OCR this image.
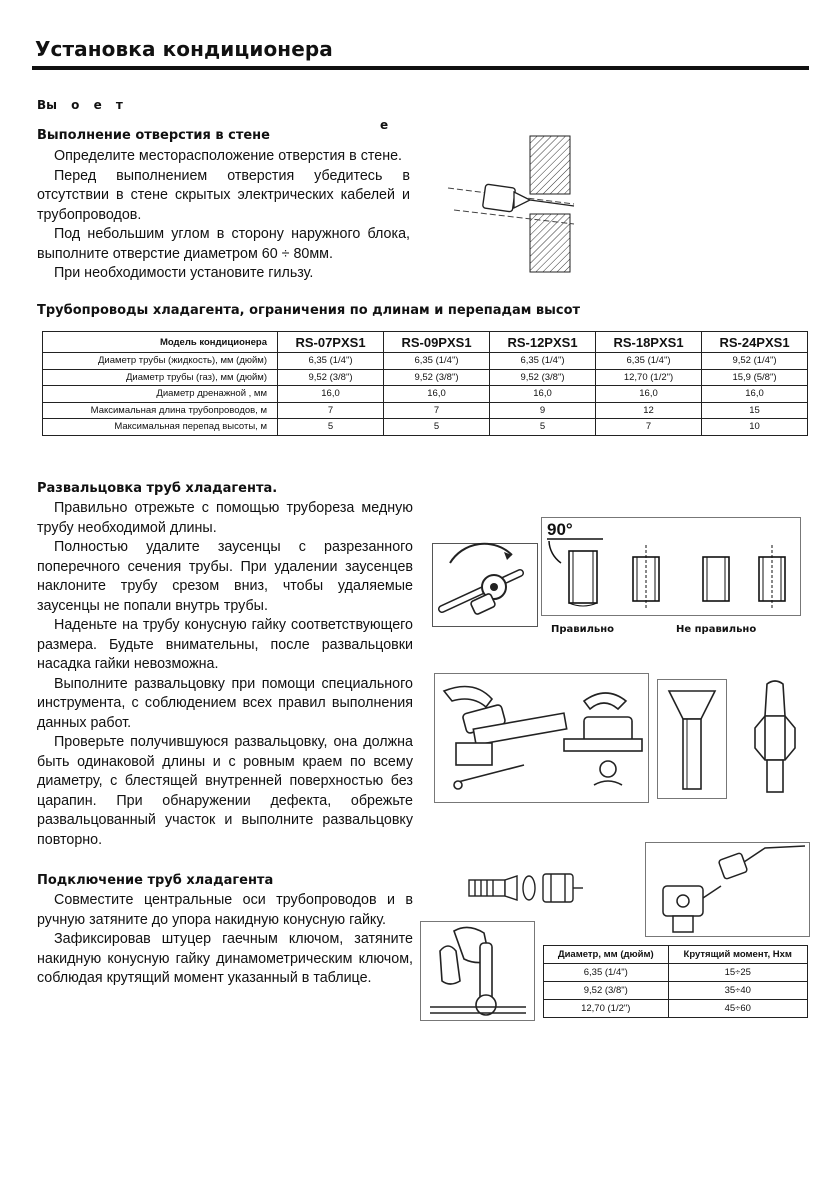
Установка кондиционера
Вы о е т
е
Выполнение отверстия в стене

Определите месторасположение отверстия в стене.

Перед выполнением отверстия убедитесь в отсутствии в стене скрытых электрических кабелей и трубопроводов.

Под небольшим углом в сторону наружного блока, выполните отверстие диаметром 60 ÷ 80мм.

При необходимости установите гильзу.

Трубопроводы хладагента, ограничения по длинам и перепадам высот
Модель кондиционера	RS-07PXS1	RS-09PXS1	RS-12PXS1	RS-18PXS1	RS-24PXS1
Диаметр трубы (жидкость), мм (дюйм)	6,35 (1/4")	6,35 (1/4")	6,35 (1/4")	6,35 (1/4")	9,52 (1/4")
Диаметр трубы (газ), мм (дюйм)	9,52 (3/8")	9,52 (3/8")	9,52 (3/8")	12,70 (1/2")	15,9 (5/8")
Диаметр дренажной , мм	16,0	16,0	16,0	16,0	16,0
Максимальная длина трубопроводов, м	7	7	9	12	15
Максимальная перепад высоты, м	5	5	5	7	10
Развальцовка труб хладагента.

Правильно отрежьте с помощью трубореза медную трубу необходимой длины.

Полностью удалите заусенцы с разрезанного поперечного сечения трубы. При удалении заусенцев наклоните трубу срезом вниз, чтобы удаляемые заусенцы не попали внутрь трубы.

Наденьте на трубу конусную гайку соответствующего размера. Будьте внимательны, после развальцовки насадка гайки невозможна.

Выполните развальцовку при помощи специального инструмента, с соблюдением всех правил выполнения данных работ.

Проверьте получившуюся развальцовку, она должна быть одинаковой длины и с ровным краем по всему диаметру, с блестящей внутренней поверхностью без царапин. При обнаружении дефекта, обрежьте развальцованный участок и выполните развальцовку повторно.

90°
Правильно	Не правильно
Подключение труб хладагента

Совместите центральные оси трубопроводов и в ручную затяните до упора накидную конусную гайку.

Зафиксировав штуцер гаечным ключом, затяните накидную конусную гайку динамометрическим ключом, соблюдая крутящий момент указанный в таблице.

Диаметр, мм (дюйм)	Крутящий момент, Нхм
6,35 (1/4")	15÷25
9,52 (3/8")	35÷40
12,70 (1/2")	45÷60
